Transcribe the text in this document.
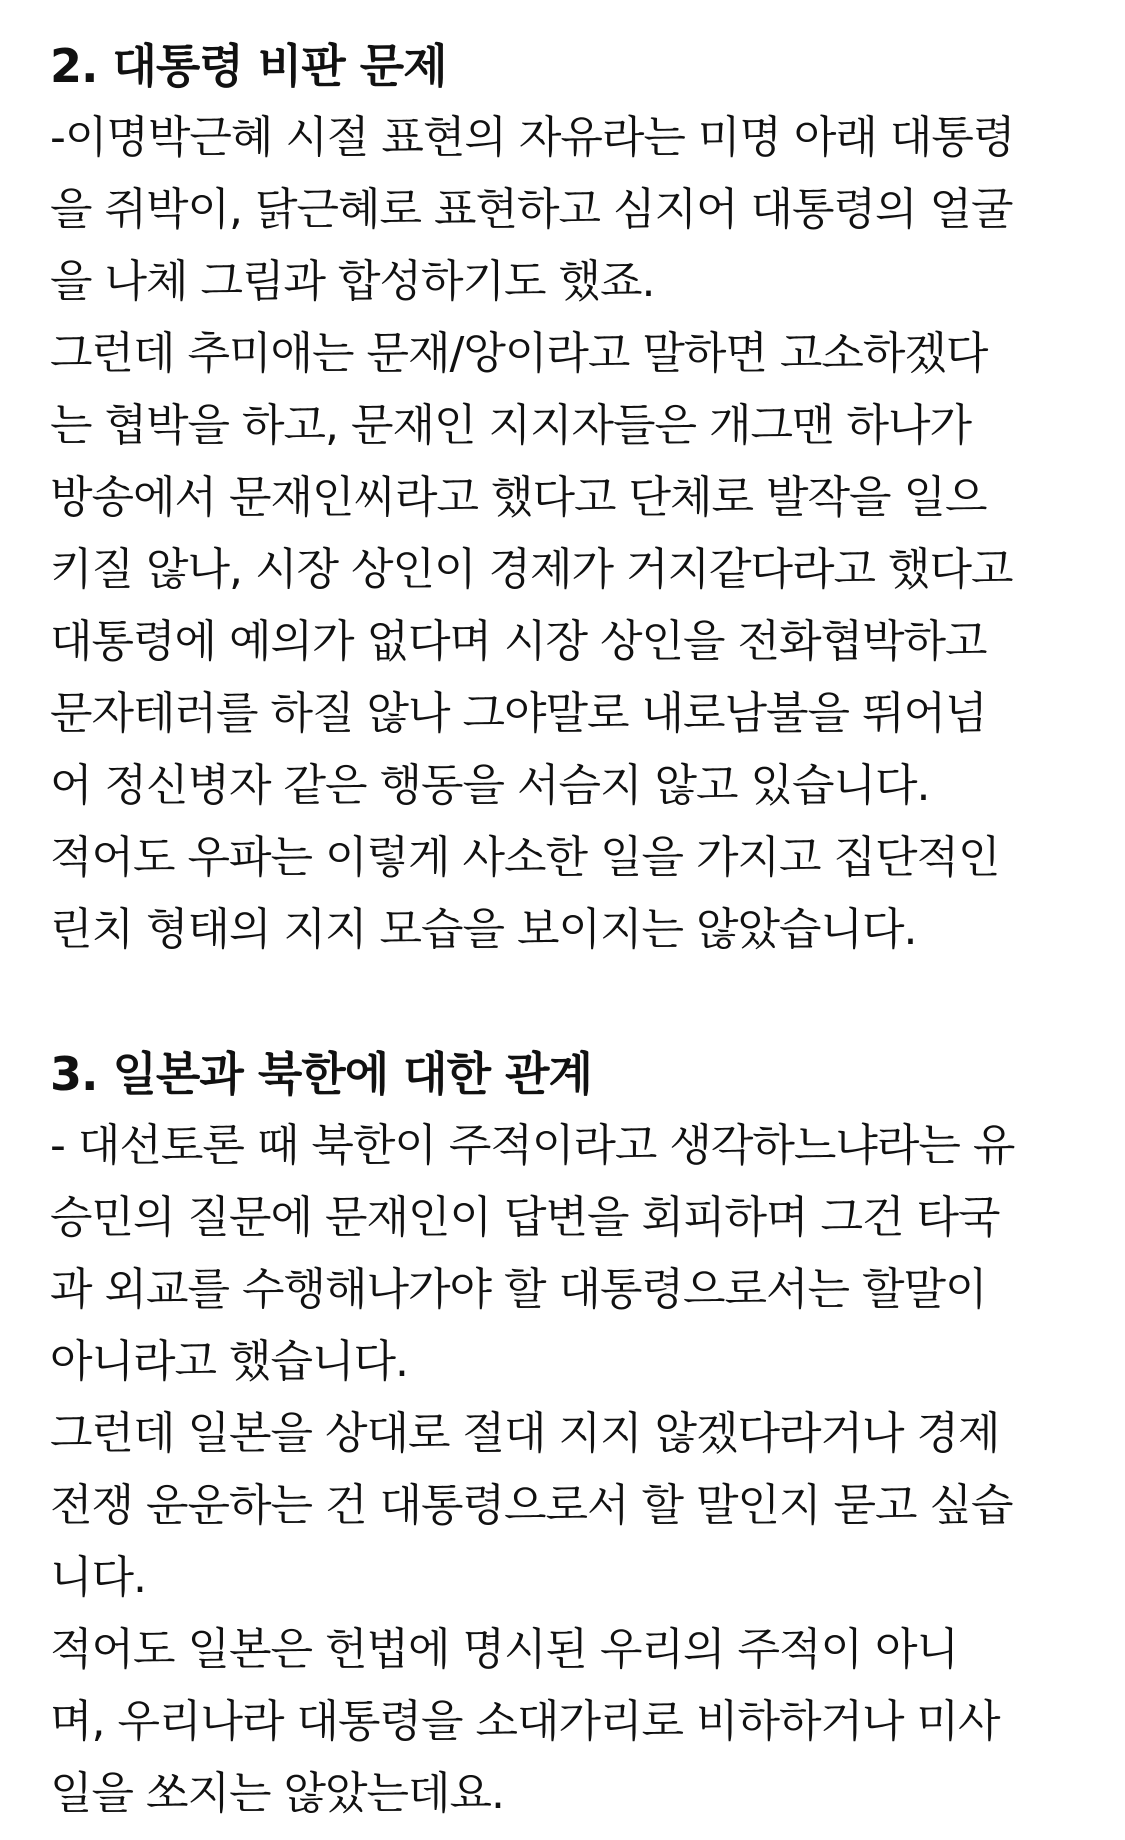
2. 대통령 비판 문제
-이명박근혜 시절 표현의 자유라는 미명 아래 대통령
을 쥐박이, 닭근혜로 표현하고 심지어 대통령의 얼굴
을 나체 그림과 합성하기도 했죠.
그런데 추미애는 문재/앙이라고 말하면 고소하겠다
는 협박을 하고, 문재인 지지자들은 개그맨 하나가
방송에서 문재인씨라고 했다고 단체로 발작을 일으
키질 않나, 시장 상인이 경제가 거지같다라고 했다고
대통령에 예의가 없다며 시장 상인을 전화협박하고
문자테러를 하질 않나 그야말로 내로남불을 뛰어넘
어 정신병자 같은 행동을 서슴지 않고 있습니다.
적어도 우파는 이렇게 사소한 일을 가지고 집단적인
린치 형태의 지지 모습을 보이지는 않았습니다.
3. 일본과 북한에 대한 관계
- 대선토론 때 북한이 주적이라고 생각하느냐라는 유
승민의 질문에 문재인이 답변을 회피하며 그건 타국
과 외교를 수행해나가야 할 대통령으로서는 할말이
아니라고 했습니다.
그런데 일본을 상대로 절대 지지 않겠다라거나 경제
전쟁 운운하는 건 대통령으로서 할 말인지 묻고 싶습
니다.
적어도 일본은 헌법에 명시된 우리의 주적이 아니
며, 우리나라 대통령을 소대가리로 비하하거나 미사
일을 쏘지는 않았는데요.
